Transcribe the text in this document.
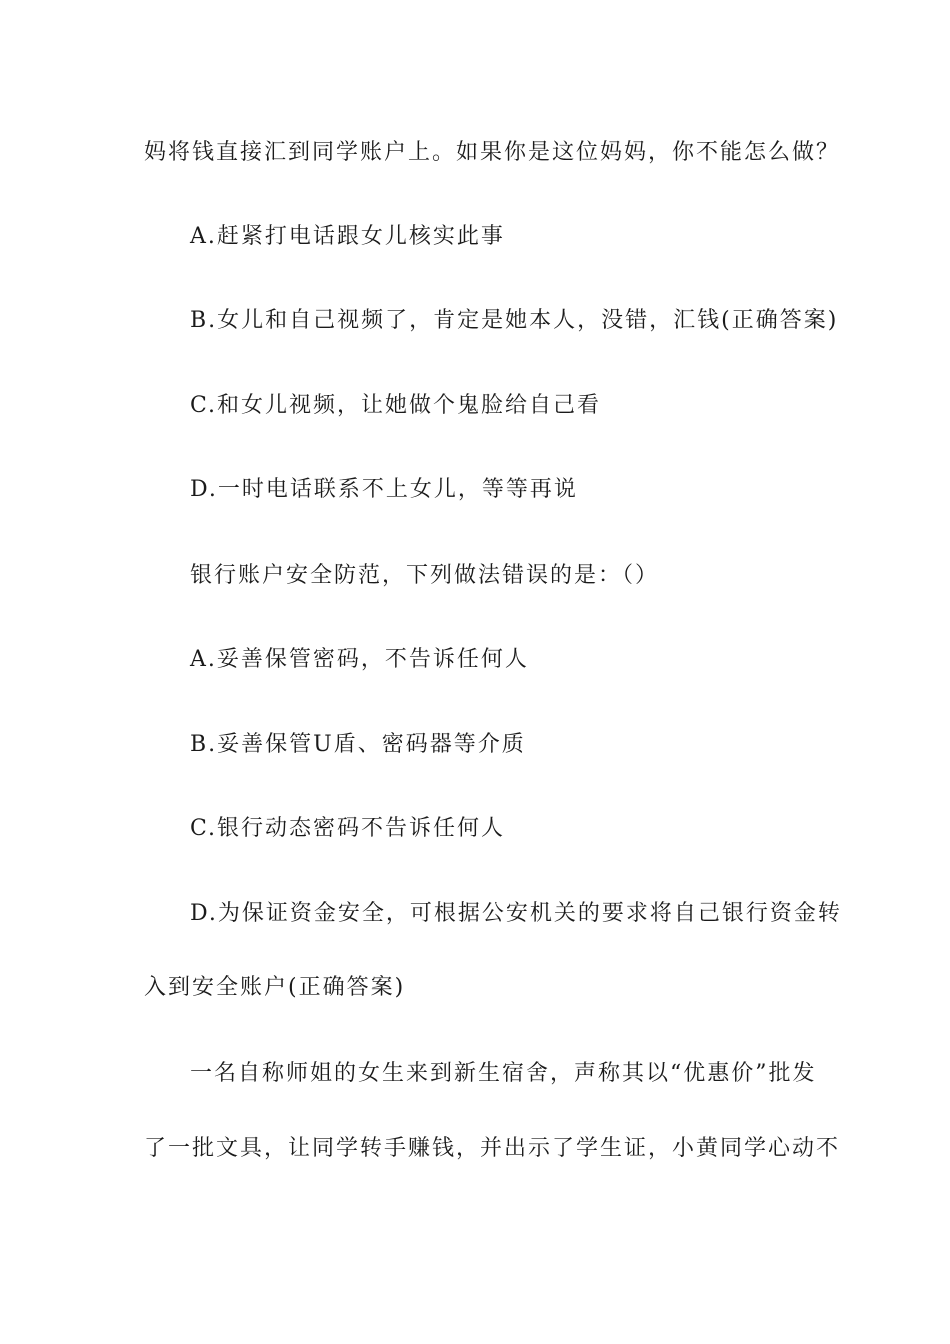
妈将钱直接汇到同学账户上。如果你是这位妈妈，你不能怎么做？
A.赶紧打电话跟女儿核实此事
B.女儿和自己视频了，肯定是她本人，没错，汇钱(正确答案)
C.和女儿视频，让她做个鬼脸给自己看
D.一时电话联系不上女儿，等等再说
银行账户安全防范，下列做法错误的是：（）
A.妥善保管密码，不告诉任何人
B.妥善保管U盾、密码器等介质
C.银行动态密码不告诉任何人
D.为保证资金安全，可根据公安机关的要求将自己银行资金转
入到安全账户(正确答案)
一名自称师姐的女生来到新生宿舍，声称其以“优惠价”批发
了一批文具，让同学转手赚钱，并出示了学生证，小黄同学心动不
